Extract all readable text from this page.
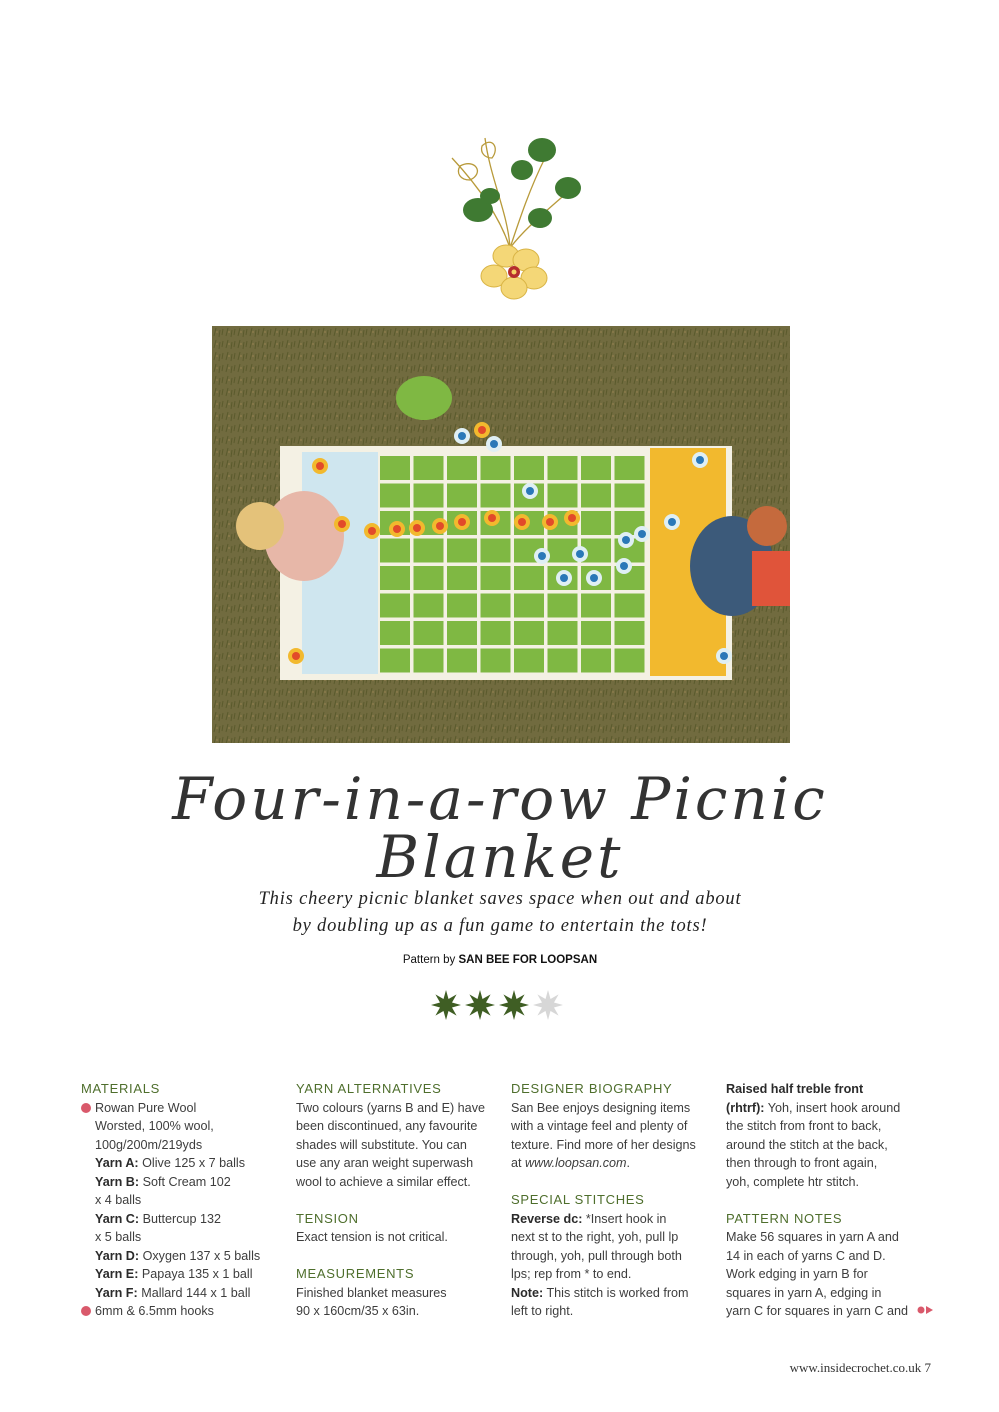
Four-in-a-row Picnic Blanket
This cheery picnic blanket saves space when out and about
by doubling up as a fun game to entertain the tots!
Pattern by SAN BEE FOR LOOPSAN

MATERIALS

Rowan Pure Wool

Worsted, 100% wool,

100g/200m/219yds

Yarn A: Olive 125 x 7 balls

Yarn B: Soft Cream 102

x 4 balls

Yarn C: Buttercup 132

x 5 balls

Yarn D: Oxygen 137 x 5 balls

Yarn E: Papaya 135 x 1 ball

Yarn F: Mallard 144 x 1 ball

6mm & 6.5mm hooks

YARN ALTERNATIVES

Two colours (yarns B and E) have

been discontinued, any favourite

shades will substitute. You can

use any aran weight superwash

wool to achieve a similar effect.

TENSION

Exact tension is not critical.

MEASUREMENTS

Finished blanket measures

90 x 160cm/35 x 63in.

DESIGNER BIOGRAPHY

San Bee enjoys designing items

with a vintage feel and plenty of

texture. Find more of her designs

at www.loopsan.com.

SPECIAL STITCHES

Reverse dc: *Insert hook in

next st to the right, yoh, pull lp

through, yoh, pull through both

lps; rep from * to end.

Note: This stitch is worked from

left to right.

Raised half treble front

(rhtrf): Yoh, insert hook around

the stitch from front to back,

around the stitch at the back,

then through to front again,

yoh, complete htr stitch.

PATTERN NOTES

Make 56 squares in yarn A and

14 in each of yarns C and D.

Work edging in yarn B for

squares in yarn A, edging in

yarn C for squares in yarn C and

www.insidecrochet.co.uk 7
